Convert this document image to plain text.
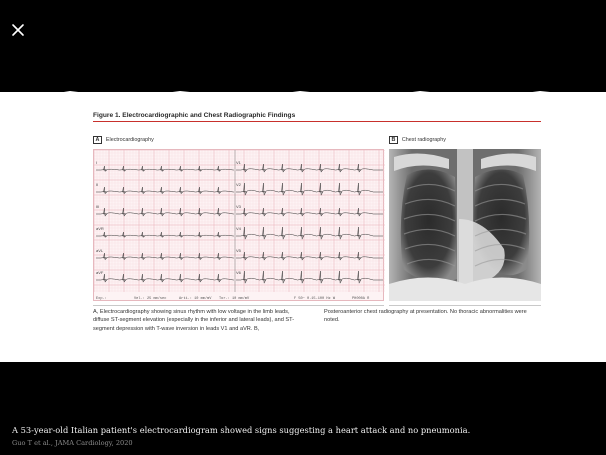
Figure 1. Electrocardiographic and Chest Radiographic Findings
A	Electrocardiography	B	Chest radiography
I	V1
II	V2
III	V3
aVR	V4
aVL	V5
aVF	V6
Exp.:	Vel.: 25 mm/sec	Arti.: 10 mm/mV Tor.: 10 mm/mV	F 50~ 0.15-100 Hz W	PH000A R
A, Electrocardiography showing sinus rhythm with low voltage in the limb leads, diffuse ST-segment elevation (especially in the inferior and lateral leads), and ST-segment depression with T-wave inversion in leads V1 and aVR. B,
Posteroanterior chest radiography at presentation. No thoracic abnormalities were noted.
A 53-year-old Italian patient's electrocardiogram showed signs suggesting a heart attack and no pneumonia.
Guo T et al., JAMA Cardiology, 2020
